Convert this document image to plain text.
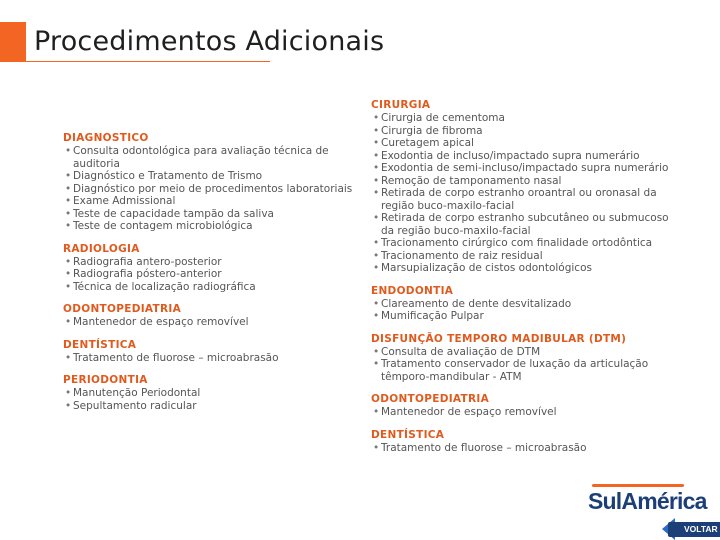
Procedimentos Adicionais
DIAGNÓSTICO
• Consulta odontológica para avaliação técnica de auditoria
• Diagnóstico e Tratamento de Trismo
• Diagnóstico por meio de procedimentos laboratoriais
• Exame Admissional
• Teste de capacidade tampão da saliva
• Teste de contagem microbiológica
RADIOLOGIA
• Radiografia antero-posterior
• Radiografia póstero-anterior
• Técnica de localização radiográfica
ODONTOPEDIATRIA
• Mantenedor de espaço removível
DENTÍSTICA
• Tratamento de fluorose – microabrasão
PERIODONTIA
• Manutenção Periodontal
• Sepultamento radicular
CIRURGIA
• Cirurgia de cementoma
• Cirurgia de fibroma
• Curetagem apical
• Exodontia de incluso/impactado supra numerário
• Exodontia de semi-incluso/impactado supra numerário
• Remoção de tamponamento nasal
• Retirada de corpo estranho oroantral ou oronasal da região buco-maxilo-facial
• Retirada de corpo estranho subcutâneo ou submucoso da região buco-maxilo-facial
• Tracionamento cirúrgico com finalidade ortodôntica
• Tracionamento de raiz residual
• Marsupialização de cistos odontológicos
ENDODONTIA
• Clareamento de dente desvitalizado
• Mumificação Pulpar
DISFUNÇÃO TEMPORO MADIBULAR (DTM)
• Consulta de avaliação de DTM
• Tratamento conservador de luxação da articulação têmporo-mandibular - ATM
ODONTOPEDIATRIA
• Mantenedor de espaço removível
DENTÍSTICA
• Tratamento de fluorose – microabrasão
SulAmérica
VOLTAR
